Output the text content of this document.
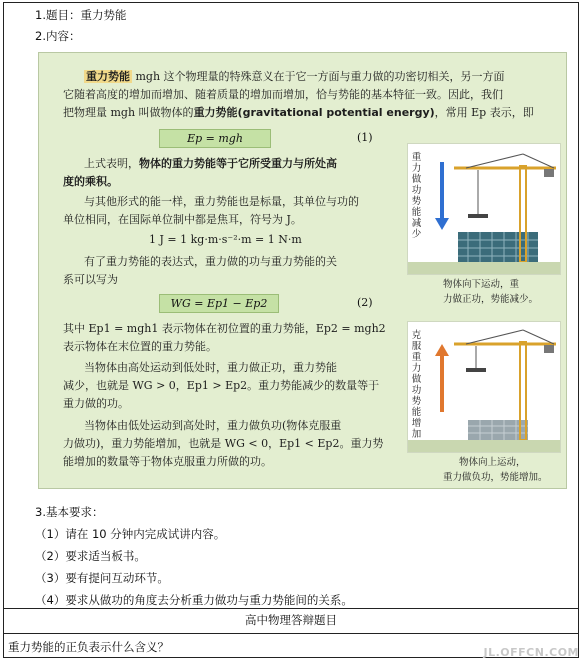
1.题目：重力势能
2.内容：
重力势能 mgh 这个物理量的特殊意义在于它一方面与重力做的功密切相关，另一方面
它随着高度的增加而增加、随着质量的增加而增加，恰与势能的基本特征一致。因此，我们
把物理量 mgh 叫做物体的重力势能(gravitational potential energy)，常用 Ep 表示，即
Ep = mgh	(1)
上式表明，物体的重力势能等于它所受重力与所处高
度的乘积。
与其他形式的能一样，重力势能也是标量，其单位与功的
单位相同，在国际单位制中都是焦耳，符号为 J。
1 J = 1 kg·m·s⁻²·m = 1 N·m
有了重力势能的表达式，重力做的功与重力势能的关
系可以写为
WG = Ep1 − Ep2	(2)
其中 Ep1 = mgh1 表示物体在初位置的重力势能，Ep2 = mgh2
表示物体在末位置的重力势能。
当物体由高处运动到低处时，重力做正功，重力势能
减少，也就是 WG > 0，Ep1 > Ep2。重力势能减少的数量等于
重力做的功。
当物体由低处运动到高处时，重力做负功(物体克服重
力做功)，重力势能增加，也就是 WG < 0，Ep1 < Ep2。重力势
能增加的数量等于物体克服重力所做的功。
重力做功势能减少
物体向下运动，重
力做正功，势能减少。
克服重力做功势能增加
物体向上运动，
重力做负功，势能增加。
3.基本要求：
（1）请在 10 分钟内完成试讲内容。
（2）要求适当板书。
（3）要有提问互动环节。
（4）要求从做功的角度去分析重力做功与重力势能间的关系。
高中物理答辩题目
重力势能的正负表示什么含义？	JL.OFFCN.COM
